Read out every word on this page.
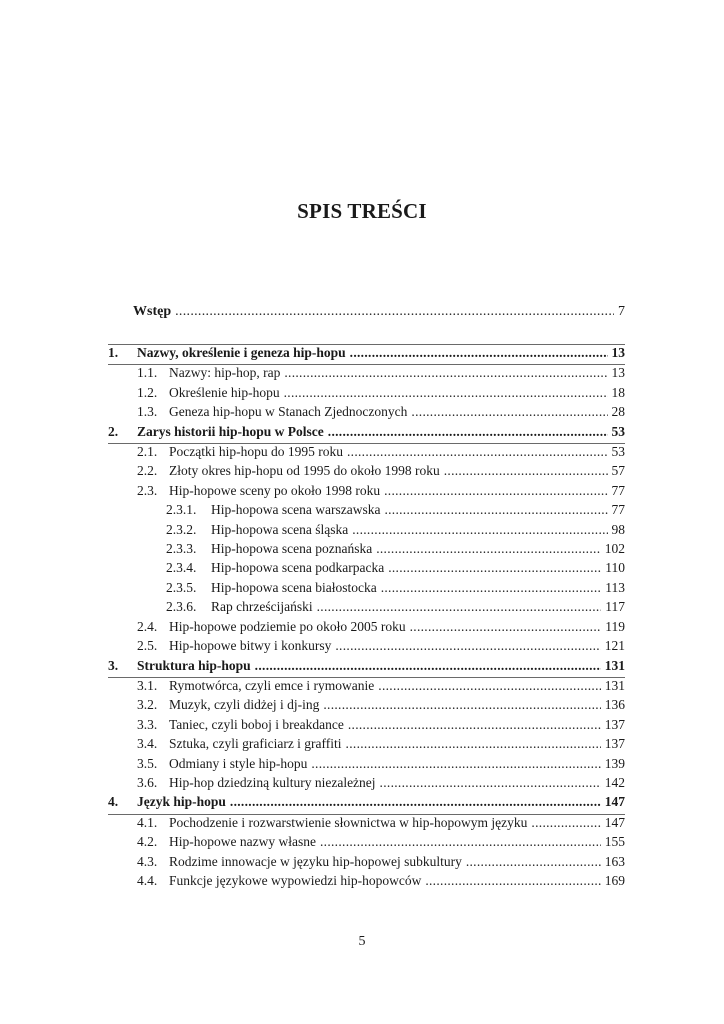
SPIS TREŚCI
Wstęp .....	7
1.	Nazwy, określenie i geneza hip-hopu .....	13
1.1. Nazwy: hip-hop, rap .....	13
1.2. Określenie hip-hopu .....	18
1.3. Geneza hip-hopu w Stanach Zjednoczonych .....	28
2.	Zarys historii hip-hopu w Polsce .....	53
2.1. Początki hip-hopu do 1995 roku .....	53
2.2. Złoty okres hip-hopu od 1995 do około 1998 roku .....	57
2.3. Hip-hopowe sceny po około 1998 roku .....	77
2.3.1.	Hip-hopowa scena warszawska .....	77
2.3.2.	Hip-hopowa scena śląska .....	98
2.3.3.	Hip-hopowa scena poznańska .....	102
2.3.4.	Hip-hopowa scena podkarpacka .....	110
2.3.5.	Hip-hopowa scena białostocka .....	113
2.3.6.	Rap chrześcijański .....	117
2.4. Hip-hopowe podziemie po około 2005 roku .....	119
2.5. Hip-hopowe bitwy i konkursy .....	121
3.	Struktura hip-hopu .....	131
3.1. Rymotwórca, czyli emce i rymowanie .....	131
3.2. Muzyk, czyli didżej i dj-ing .....	136
3.3. Taniec, czyli boboj i breakdance .....	137
3.4. Sztuka, czyli graficiarz i graffiti .....	137
3.5. Odmiany i style hip-hopu .....	139
3.6. Hip-hop dziedziną kultury niezależnej .....	142
4.	Język hip-hopu .....	147
4.1. Pochodzenie i rozwarstwienie słownictwa w hip-hopowym języku .....	147
4.2. Hip-hopowe nazwy własne .....	155
4.3. Rodzime innowacje w języku hip-hopowej subkultury .....	163
4.4. Funkcje językowe wypowiedzi hip-hopowców .....	169
5
